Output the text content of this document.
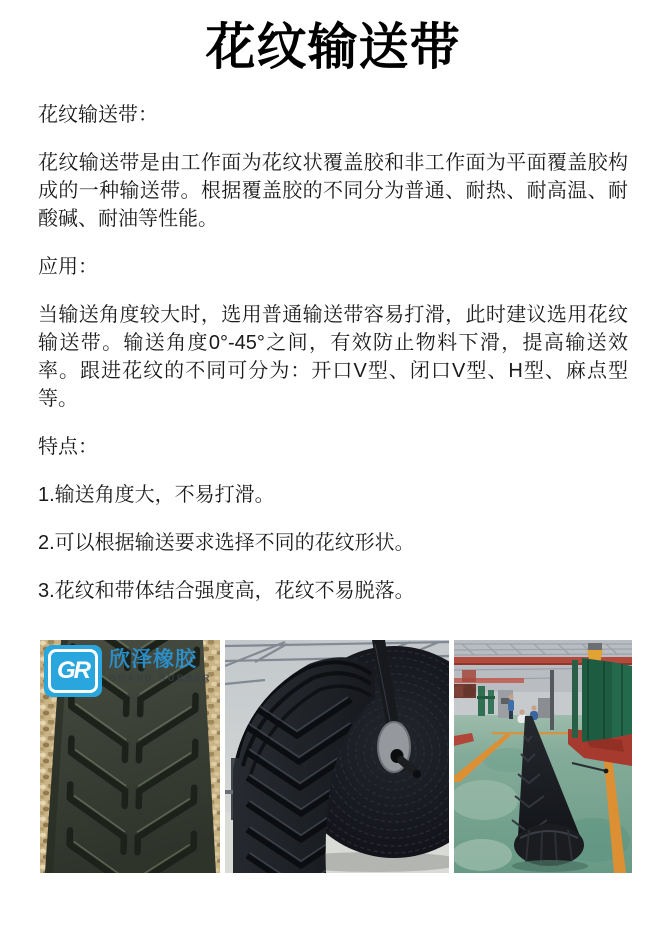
花纹输送带

花纹输送带：

花纹输送带是由工作面为花纹状覆盖胶和非工作面为平面覆盖胶构成的一种输送带。根据覆盖胶的不同分为普通、耐热、耐高温、耐酸碱、耐油等性能。

应用：

当输送角度较大时，选用普通输送带容易打滑，此时建议选用花纹输送带。输送角度0°-45°之间，有效防止物料下滑，提高输送效率。跟进花纹的不同可分为：开口V型、闭口V型、H型、麻点型等。

特点：

1.输送角度大，不易打滑。

2.可以根据输送要求选择不同的花纹形状。

3.花纹和带体结合强度高，花纹不易脱落。

GR 欣泽橡胶
GRAND RUBBER
